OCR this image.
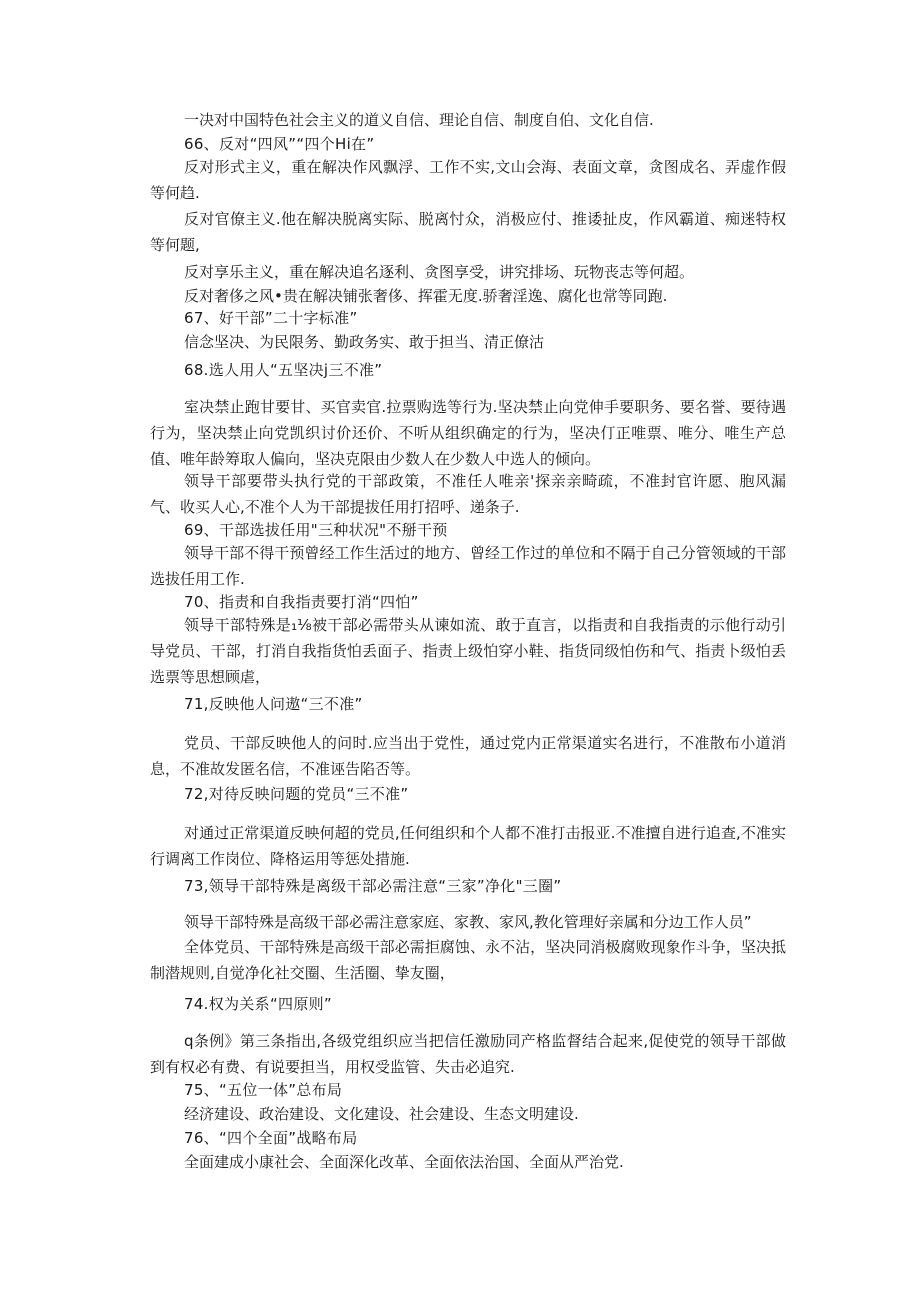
一决对中国特色社会主义的道义自信、理论自信、制度自伯、文化自信.
66、反对“四风”“四个Hi在”
反对形式主义，重在解决作风飘浮、工作不实,文山会海、表面文章，贪图成名、弄虚作假等何趋.
反对官僚主义.他在解决脱离实际、脱离忖众，消极应付、推诿扯皮，作风霸道、痴迷特权等何题,
反对享乐主义，重在解决追名逐利、贪图享受，讲究排场、玩物丧志等何超。
反对奢侈之风•贵在解决铺张奢侈、挥霍无度.骄奢淫逸、腐化也常等同跑.
67、好干部”二十字标准”
信念坚决、为民限务、勤政务实、敢于担当、清正僚沽
68.选人用人“五坚决j三不准”
室决禁止跑甘要甘、买官卖官.拉票购选等行为.坚决禁止向党伸手要职务、要名誉、要待遇行为，坚决禁止向党凯织讨价还价、不听从组织确定的行为，坚决仃正唯票、唯分、唯生产总值、唯年龄筹取人偏向，坚决克限由少数人在少数人中选人的倾向。
领导干部要带头执行党的干部政策，不准任人唯亲'探亲亲畸疏，不准封官许愿、胞风漏气、收买人心,不准个人为干部提拔任用打招呼、递条子.
69、干部选拔任用"三种状况"不掰干预
领导干部不得干预曾经工作生活过的地方、曾经工作过的单位和不隔于自己分管领域的干部选拔任用工作.
70、指责和自我指责要打消“四怕”
领导干部特殊是₁⅛被干部必需带头从谏如流、敢于直言，以指责和自我指责的示他行动引导党员、干部，打消自我指货怕丢面子、指责上级怕穿小鞋、指货同级怕伤和气、指责卜级怕丢选票等思想顾虐，
71,反映他人问遨“三不准”
党员、干部反映他人的问时.应当出于党性，通过党内正常渠道实名进行，不准散布小道消息，不准故发匿名信，不准诬告陷否等。
72,对待反映问题的党员“三不准”
对通过正常渠道反映何超的党员,任何组织和个人都不准打击报亚.不准擅自进行追查,不准实行调离工作岗位、降格运用等惩处措施.
73,领导干部特殊是离级干部必需注意“三家”净化"三圈”
领导干部特殊是高级干部必需注意家庭、家教、家风,教化管理好亲属和分边工作人员”
全体党员、干部特殊是高级干部必需拒腐蚀、永不沾，坚决同消极腐败现象作斗争，坚决抵制潜规则,自觉净化社交圈、生活圈、挚友圈，
74.权为关系“四原则”
q条例》第三条指出,各级党组织应当把信任激励同产格监督结合起来,促使党的领导干部做到有权必有费、有说要担当，用权受监管、失击必追究.
75、“五位一体”总布局
经济建设、政治建设、文化建设、社会建设、生态文明建设.
76、“四个全面”战略布局
全面建成小康社会、全面深化改革、全面依法治国、全面从严治党.
